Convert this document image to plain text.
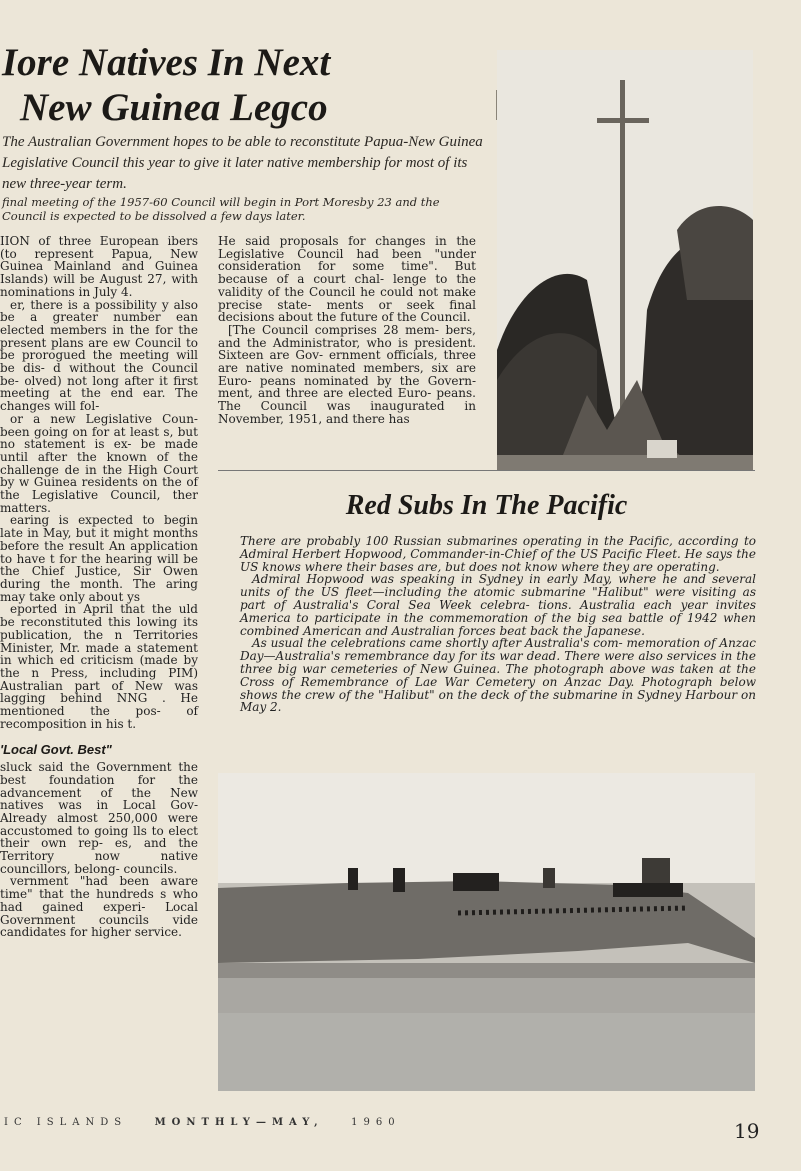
Iore Natives In Next
New Guinea Legco
The Australian Government hopes to be able to reconstitute Papua-New Guinea Legislative Council this year to give it later native membership for most of its new three-year term.
final meeting of the 1957-60 Council will begin in Port Moresby 23 and the Council is expected to be dissolved a few days later.

IION of three European ibers (to represent Papua, New Guinea Mainland and Guinea Islands) will be August 27, with nominations in July 4.

er, there is a possibility y also be a greater number ean elected members in the for the present plans are ew Council to be prorogued the meeting will be dis- d without the Council be- olved) not long after it first meeting at the end ear. The changes will fol-

or a new Legislative Coun- been going on for at least s, but no statement is ex- be made until after the known of the challenge de in the High Court by w Guinea residents on the of the Legislative Council, ther matters.

earing is expected to begin late in May, but it might months before the result An application to have t for the hearing will be the Chief Justice, Sir Owen during the month. The aring may take only about ys

eported in April that the uld be reconstituted this lowing its publication, the n Territories Minister, Mr. made a statement in which ed criticism (made by the n Press, including PIM) Australian part of New was lagging behind NNG . He mentioned the pos- of recomposition in his t.

'Local Govt. Best"

sluck said the Government the best foundation for the advancement of the New natives was in Local Gov- Already almost 250,000 were accustomed to going lls to elect their own rep- es, and the Territory now native councillors, belong- councils.

vernment "had been aware time" that the hundreds s who had gained experi- Local Government councils vide candidates for higher service.

He said proposals for changes in the Legislative Council had been "under consideration for some time". But because of a court chal- lenge to the validity of the Council he could not make precise state- ments or seek final decisions about the future of the Council.

[The Council comprises 28 mem- bers, and the Administrator, who is president. Sixteen are Gov- ernment officials, three are native nominated members, six are Euro- peans nominated by the Govern- ment, and three are elected Euro- peans. The Council was inaugurated in November, 1951, and there has

Red Subs In The Pacific

There are probably 100 Russian submarines operating in the Pacific, according to Admiral Herbert Hopwood, Commander-in-Chief of the US Pacific Fleet. He says the US knows where their bases are, but does not know where they are operating.

Admiral Hopwood was speaking in Sydney in early May, where he and several units of the US fleet—including the atomic submarine "Halibut" were visiting as part of Australia's Coral Sea Week celebra- tions. Australia each year invites America to participate in the commemoration of the big sea battle of 1942 when combined American and Australian forces beat back the Japanese.

As usual the celebrations came shortly after Australia's com- memoration of Anzac Day—Australia's remembrance day for its war dead. There were also services in the three big war cemeteries of New Guinea. The photograph above was taken at the Cross of Remembrance of Lae War Cemetery on Anzac Day. Photograph below shows the crew of the "Halibut" on the deck of the submarine in Sydney Harbour on May 2.

IC ISLANDS	MONTHLY—MAY,	1960	19
